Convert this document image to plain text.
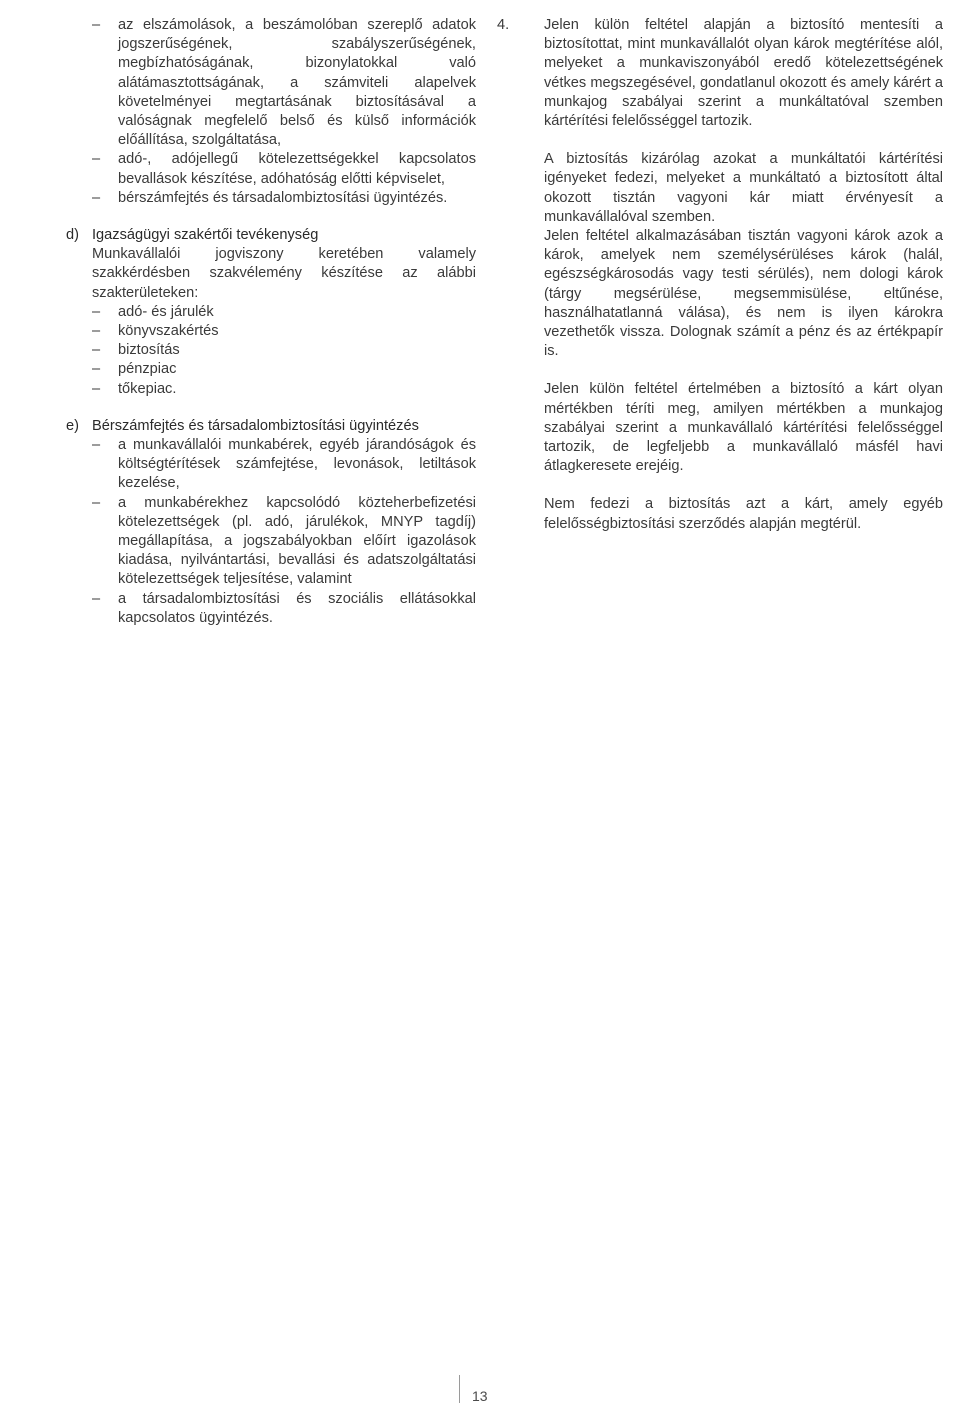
– az elszámolások, a beszámolóban szereplő adatok jogszerűségének, szabályszerűségének, megbízhatóságának, bizonylatokkal való alátámasztottságának, a számviteli alapelvek követelményei megtartásának biztosításával a valóságnak megfelelő belső és külső információk előállítása, szolgáltatása,
– adó-, adójellegű kötelezettségekkel kapcsolatos bevallások készítése, adóhatóság előtti képviselet,
– bérszámfejtés és társadalombiztosítási ügyintézés.
d) Igazságügyi szakértői tevékenység
Munkavállalói jogviszony keretében valamely szakkérdésben szakvélemény készítése az alábbi szakterületeken:
– adó- és járulék
– könyvszakértés
– biztosítás
– pénzpiac
– tőkepiac.
e) Bérszámfejtés és társadalombiztosítási ügyintézés
– a munkavállalói munkabérek, egyéb járandóságok és költségtérítések számfejtése, levonások, letiltások kezelése,
– a munkabérekhez kapcsolódó közteherbefizetési kötelezettségek (pl. adó, járulékok, MNYP tagdíj) megállapítása, a jogszabályokban előírt igazolások kiadása, nyilvántartási, bevallási és adatszolgáltatási kötelezettségek teljesítése, valamint
– a társadalombiztosítási és szociális ellátásokkal kapcsolatos ügyintézés.
4.	Jelen külön feltétel alapján a biztosító mentesíti a biztosítottat, mint munkavállalót olyan károk megtérítése alól, melyeket a munkaviszonyából eredő kötelezettségének vétkes megszegésével, gondatlanul okozott és amely kárért a munkajog szabályai szerint a munkáltatóval szemben kártérítési felelősséggel tartozik.
A biztosítás kizárólag azokat a munkáltatói kártérítési igényeket fedezi, melyeket a munkáltató a biztosított által okozott tisztán vagyoni kár miatt érvényesít a munkavállalóval szemben.
Jelen feltétel alkalmazásában tisztán vagyoni károk azok a károk, amelyek nem személysérüléses károk (halál, egészségkárosodás vagy testi sérülés), nem dologi károk (tárgy megsérülése, megsemmisülése, eltűnése, használhatatlanná válása), és nem is ilyen károkra vezethetők vissza. Dolognak számít a pénz és az értékpapír is.
Jelen külön feltétel értelmében a biztosító a kárt olyan mértékben téríti meg, amilyen mértékben a munkajog szabályai szerint a munkavállaló kártérítési felelősséggel tartozik, de legfeljebb a munkavállaló másfél havi átlagkeresete erejéig.
Nem fedezi a biztosítás azt a kárt, amely egyéb felelősségbiztosítási szerződés alapján megtérül.
13
